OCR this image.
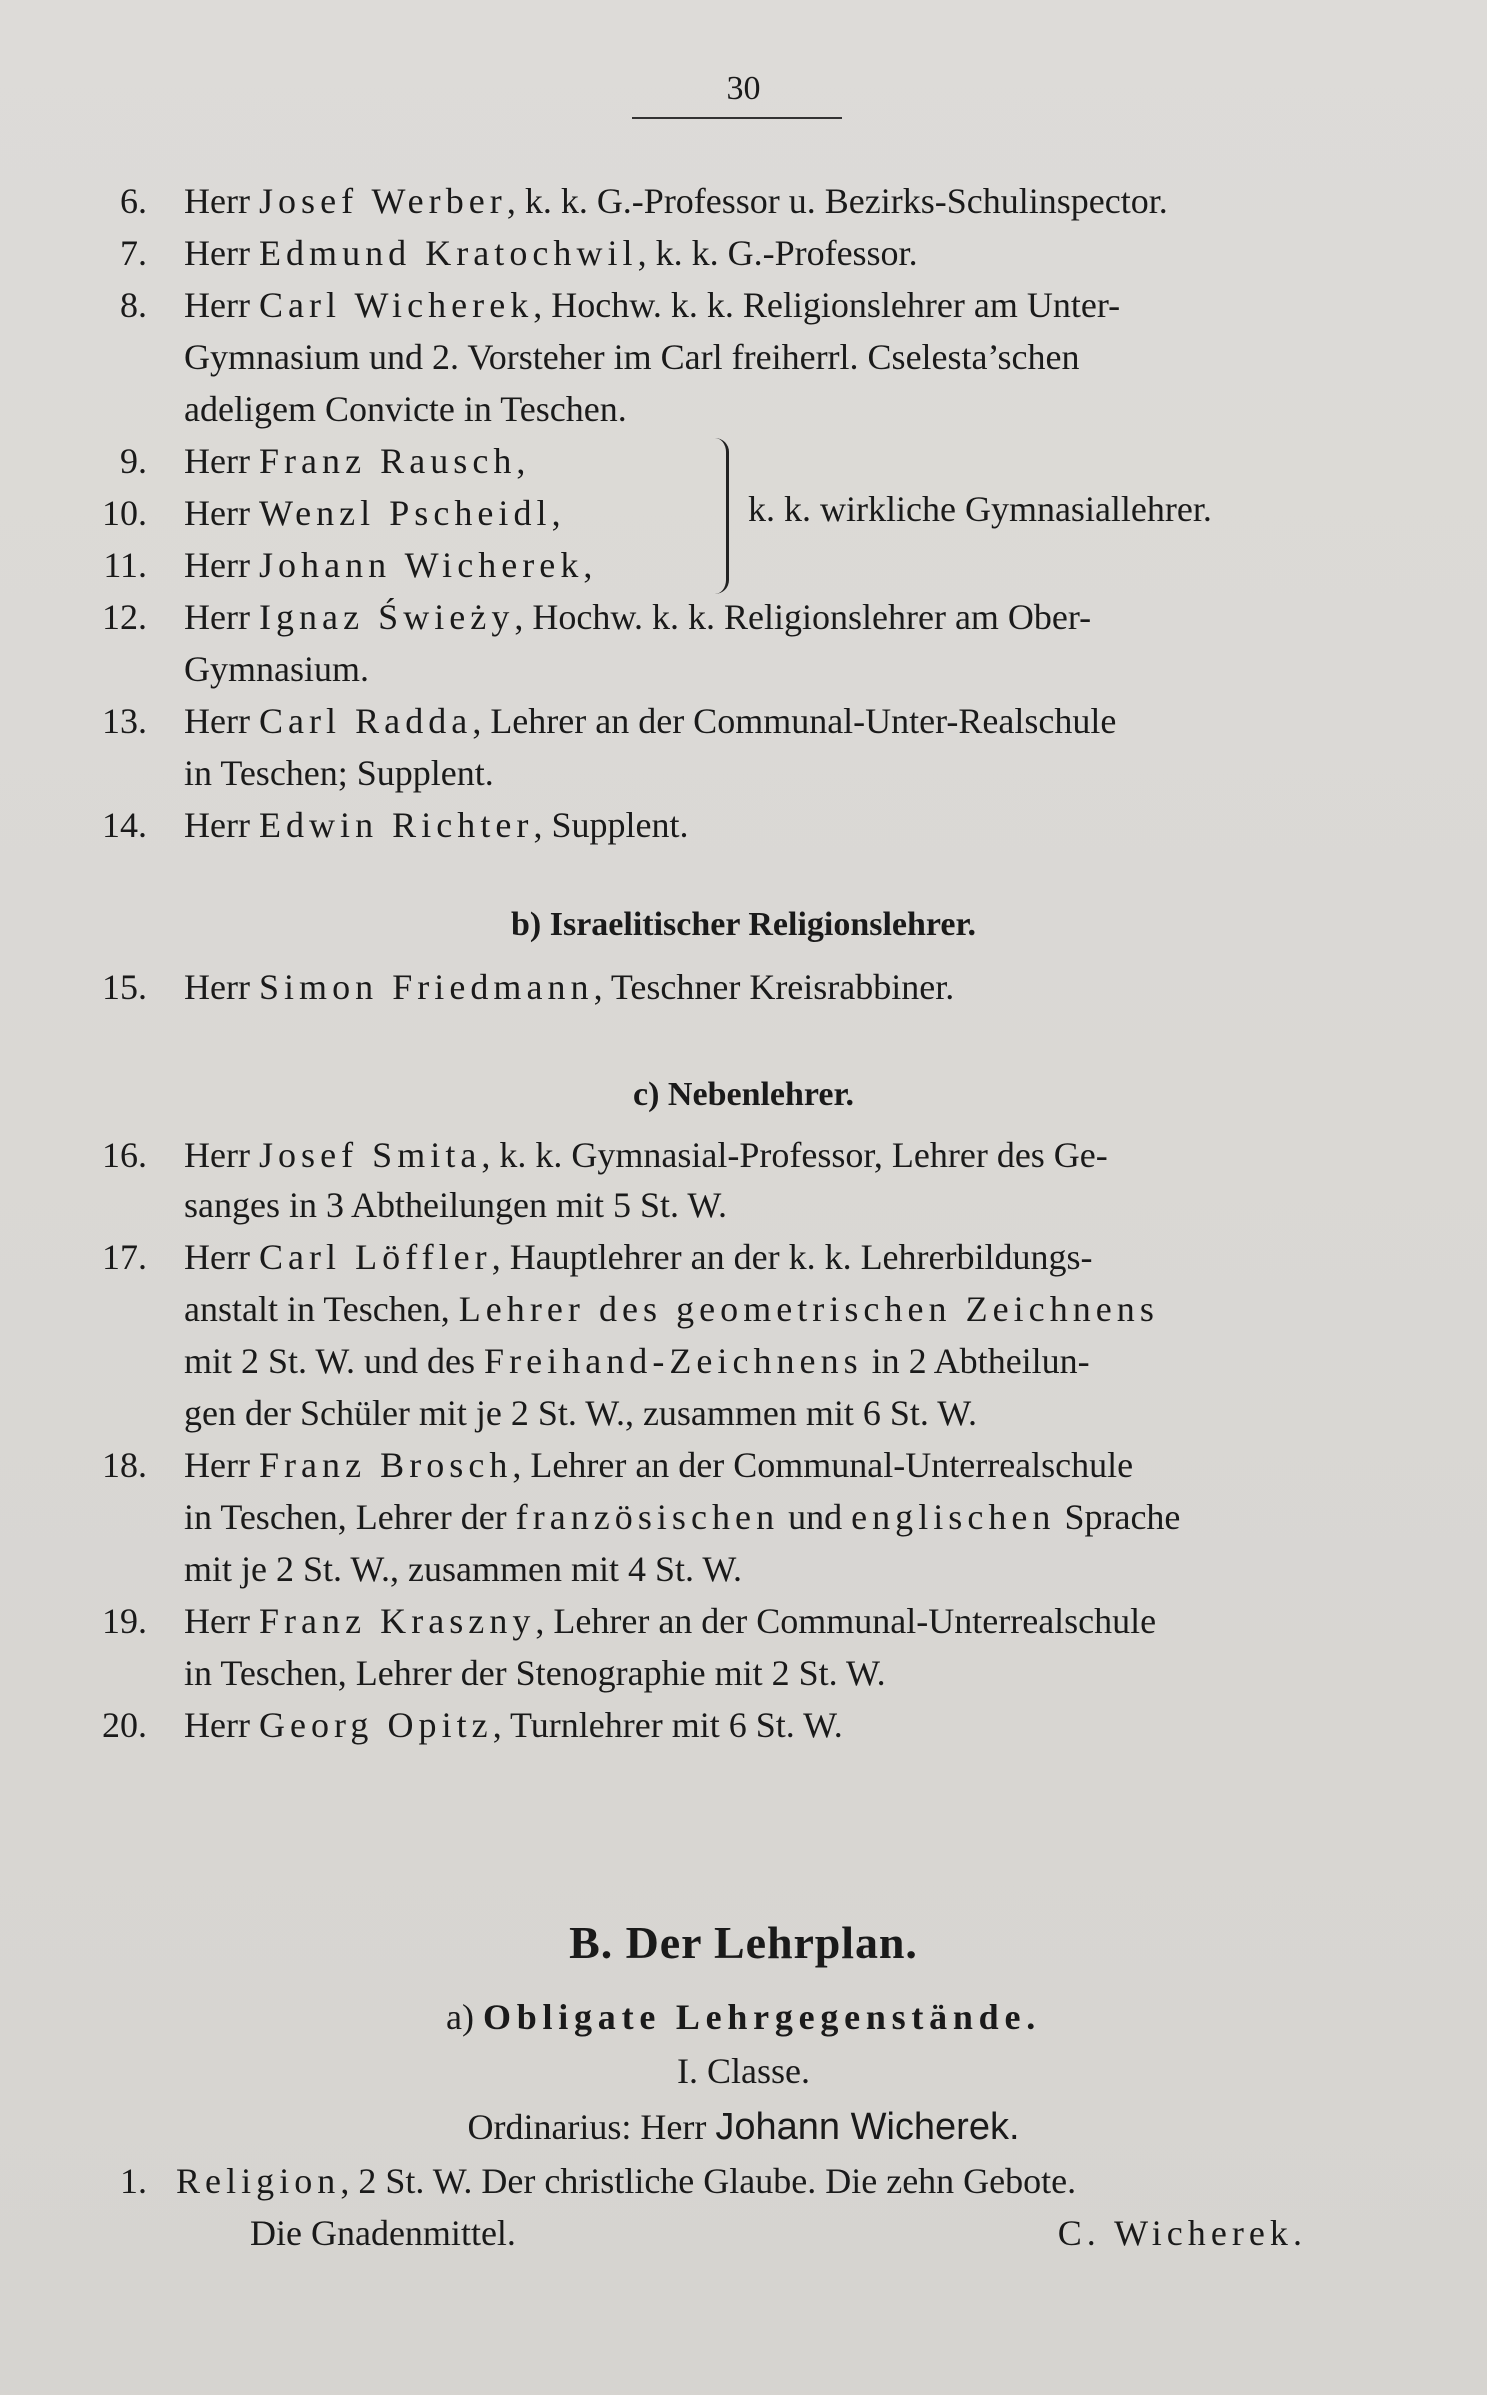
30
6. Herr Josef Werber, k. k. G.-Professor u. Bezirks-Schulinspector.
7. Herr Edmund Kratochwil, k. k. G.-Professor.
8. Herr Carl Wicherek, Hochw. k. k. Religionslehrer am Unter-
Gymnasium und 2. Vorsteher im Carl freiherrl. Cselesta’schen
adeligem Convicte in Teschen.
9. Herr Franz Rausch,
10. Herr Wenzl Pscheidl,
11. Herr Johann Wicherek,
12. Herr Ignaz Świeży, Hochw. k. k. Religionslehrer am Ober-
Gymnasium.
13. Herr Carl Radda, Lehrer an der Communal-Unter-Realschule
in Teschen; Supplent.
14. Herr Edwin Richter, Supplent.
b) Israelitischer Religionslehrer.
15. Herr Simon Friedmann, Teschner Kreisrabbiner.
c) Nebenlehrer.
16. Herr Josef Smita, k. k. Gymnasial-Professor, Lehrer des Ge-
sanges in 3 Abtheilungen mit 5 St. W.
17. Herr Carl Löffler, Hauptlehrer an der k. k. Lehrerbildungs-
anstalt in Teschen, Lehrer des geometrischen Zeichnens
mit 2 St. W. und des Freihand-Zeichnens in 2 Abtheilun-
gen der Schüler mit je 2 St. W., zusammen mit 6 St. W.
18. Herr Franz Brosch, Lehrer an der Communal-Unterrealschule
in Teschen, Lehrer der französischen und englischen Sprache
mit je 2 St. W., zusammen mit 4 St. W.
19. Herr Franz Kraszny, Lehrer an der Communal-Unterrealschule
in Teschen, Lehrer der Stenographie mit 2 St. W.
20. Herr Georg Opitz, Turnlehrer mit 6 St. W.
B. Der Lehrplan.
a) Obligate Lehrgegenstände.
I. Classe.
Ordinarius: Herr Johann Wicherek.
1. Religion, 2 St. W. Der christliche Glaube. Die zehn Gebote.
Die Gnadenmittel.	C. Wicherek.
k. k. wirkliche Gymnasiallehrer.
